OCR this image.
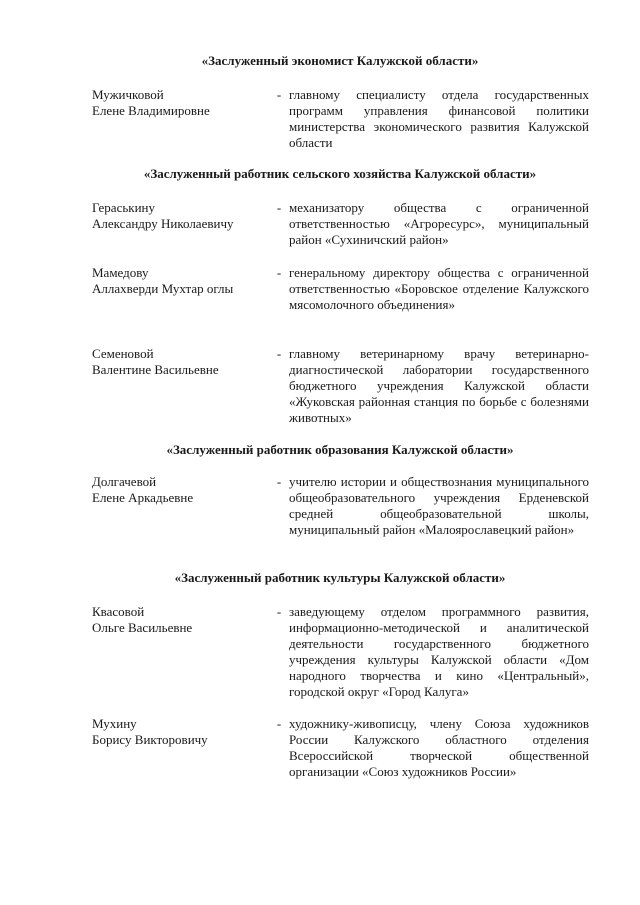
«Заслуженный экономист Калужской области»
Мужичковой
Елене Владимировне
- главному специалисту отдела государственных программ управления финансовой политики министерства экономического развития Калужской области
«Заслуженный работник сельского хозяйства Калужской области»
Гераськину
Александру Николаевичу
- механизатору общества с ограниченной ответственностью «Агроресурс», муниципальный район «Сухиничский район»
Мамедову
Аллахверди Мухтар оглы
- генеральному директору общества с ограниченной ответственностью «Боровское отделение Калужского мясомолочного объединения»
Семеновой
Валентине Васильевне
- главному ветеринарному врачу ветеринарно-диагностической лаборатории государственного бюджетного учреждения Калужской области «Жуковская районная станция по борьбе с болезнями животных»
«Заслуженный работник образования Калужской области»
Долгачевой
Елене Аркадьевне
- учителю истории и обществознания муниципального общеобразовательного учреждения Ерденевской средней общеобразовательной школы, муниципальный район «Малоярославецкий район»
«Заслуженный работник культуры Калужской области»
Квасовой
Ольге Васильевне
- заведующему отделом программного развития, информационно-методической и аналитической деятельности государственного бюджетного учреждения культуры Калужской области «Дом народного творчества и кино «Центральный», городской округ «Город Калуга»
Мухину
Борису Викторовичу
- художнику-живописцу, члену Союза художников России Калужского областного отделения Всероссийской творческой общественной организации «Союз художников России»
